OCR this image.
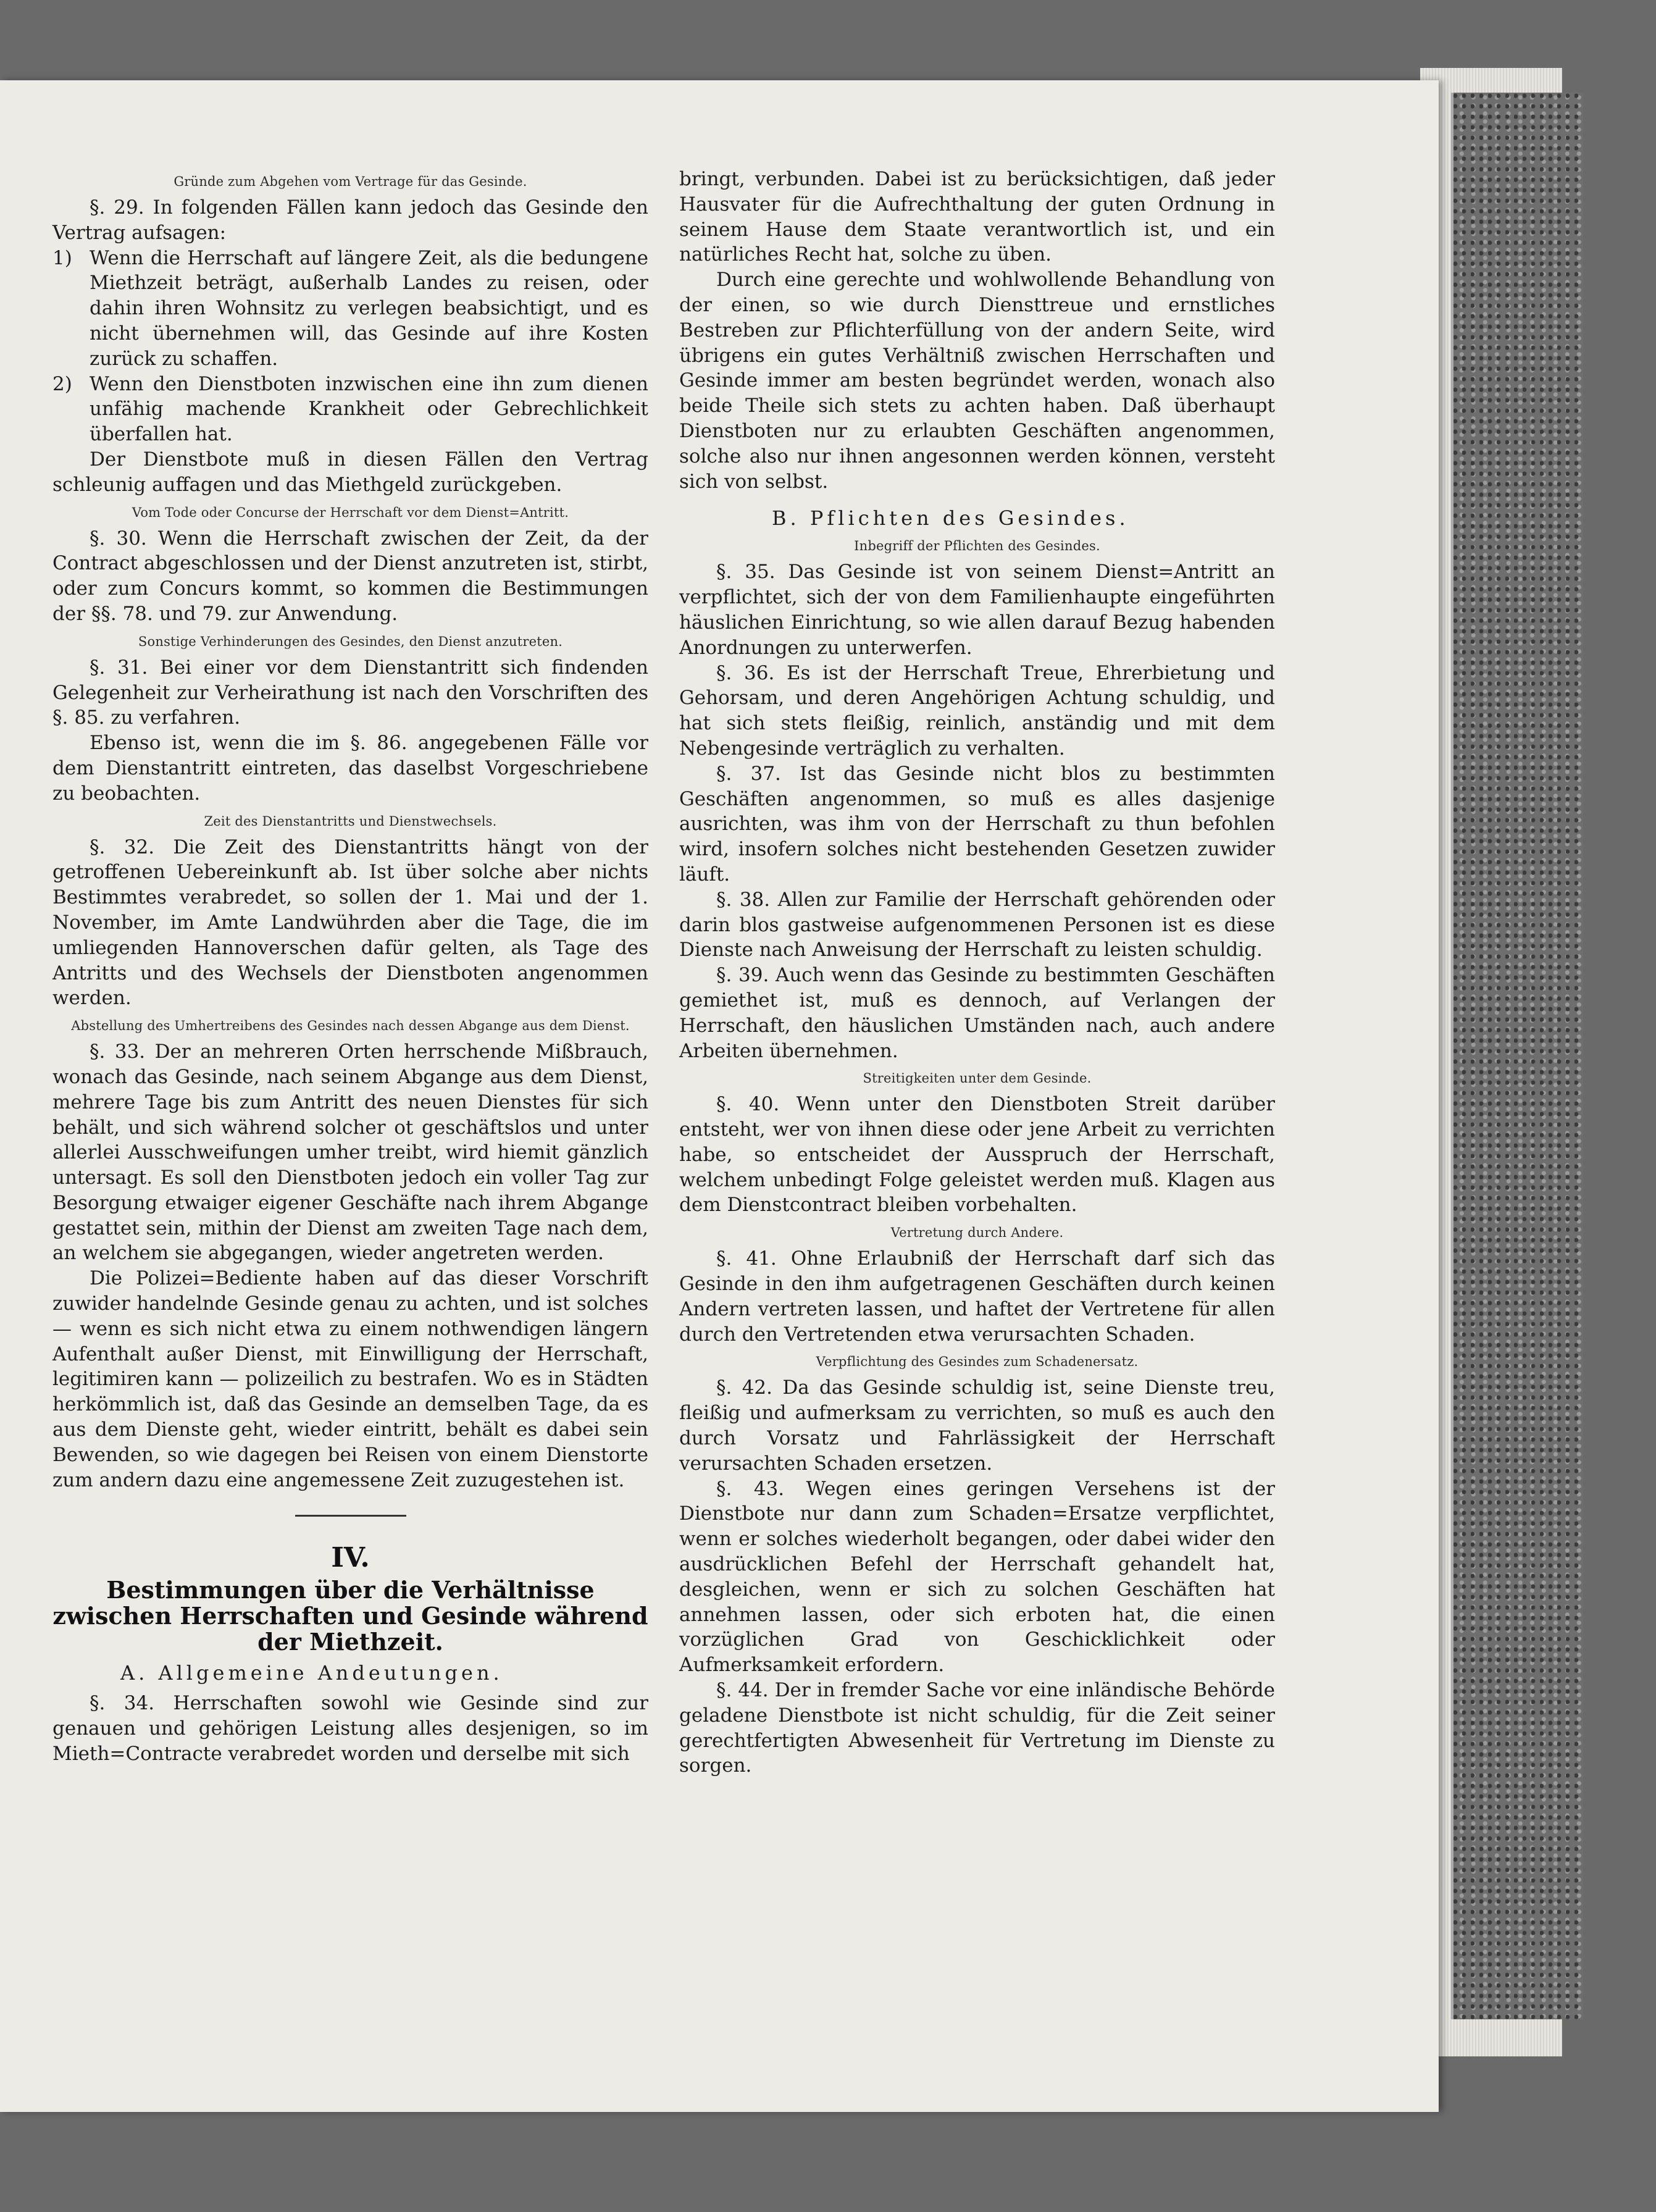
Gründe zum Abgehen vom Vertrage für das Gesinde.

§. 29. In folgenden Fällen kann jedoch das Gesinde den Vertrag aufsagen:

1) Wenn die Herrschaft auf längere Zeit, als die bedungene Miethzeit beträgt, außerhalb Landes zu reisen, oder dahin ihren Wohnsitz zu verlegen beabsichtigt, und es nicht übernehmen will, das Gesinde auf ihre Kosten zurück zu schaffen.

2) Wenn den Dienstboten inzwischen eine ihn zum dienen unfähig machende Krankheit oder Gebrechlichkeit überfallen hat.

Der Dienstbote muß in diesen Fällen den Vertrag schleunig auffagen und das Miethgeld zurückgeben.

Vom Tode oder Concurse der Herrschaft vor dem Dienst=Antritt.

§. 30. Wenn die Herrschaft zwischen der Zeit, da der Contract abgeschlossen und der Dienst anzutreten ist, stirbt, oder zum Concurs kommt, so kommen die Bestimmungen der §§. 78. und 79. zur Anwendung.

Sonstige Verhinderungen des Gesindes, den Dienst anzutreten.

§. 31. Bei einer vor dem Dienstantritt sich findenden Gelegenheit zur Verheirathung ist nach den Vorschriften des §. 85. zu verfahren.

Ebenso ist, wenn die im §. 86. angegebenen Fälle vor dem Dienstantritt eintreten, das daselbst Vorgeschriebene zu beobachten.

Zeit des Dienstantritts und Dienstwechsels.

§. 32. Die Zeit des Dienstantritts hängt von der getroffenen Uebereinkunft ab. Ist über solche aber nichts Bestimmtes verabredet, so sollen der 1. Mai und der 1. November, im Amte Landwührden aber die Tage, die im umliegenden Hannoverschen dafür gelten, als Tage des Antritts und des Wechsels der Dienstboten angenommen werden.

Abstellung des Umhertreibens des Gesindes nach dessen Abgange aus dem Dienst.

§. 33. Der an mehreren Orten herrschende Mißbrauch, wonach das Gesinde, nach seinem Abgange aus dem Dienst, mehrere Tage bis zum Antritt des neuen Dienstes für sich behält, und sich während solcher ot geschäftslos und unter allerlei Ausschweifungen umher treibt, wird hiemit gänzlich untersagt. Es soll den Dienstboten jedoch ein voller Tag zur Besorgung etwaiger eigener Geschäfte nach ihrem Abgange gestattet sein, mithin der Dienst am zweiten Tage nach dem, an welchem sie abgegangen, wieder angetreten werden.

Die Polizei=Bediente haben auf das dieser Vorschrift zuwider handelnde Gesinde genau zu achten, und ist solches — wenn es sich nicht etwa zu einem nothwendigen längern Aufenthalt außer Dienst, mit Einwilligung der Herrschaft, legitimiren kann — polizeilich zu bestrafen. Wo es in Städten herkömmlich ist, daß das Gesinde an demselben Tage, da es aus dem Dienste geht, wieder eintritt, behält es dabei sein Bewenden, so wie dagegen bei Reisen von einem Dienstorte zum andern dazu eine angemessene Zeit zuzugestehen ist.

IV.
Bestimmungen über die Verhältnisse zwischen Herrschaften und Gesinde während der Miethzeit.
A. Allgemeine Andeutungen.

§. 34. Herrschaften sowohl wie Gesinde sind zur genauen und gehörigen Leistung alles desjenigen, so im Mieth=Contracte verabredet worden und derselbe mit sich

bringt, verbunden. Dabei ist zu berücksichtigen, daß jeder Hausvater für die Aufrechthaltung der guten Ordnung in seinem Hause dem Staate verantwortlich ist, und ein natürliches Recht hat, solche zu üben.

Durch eine gerechte und wohlwollende Behandlung von der einen, so wie durch Diensttreue und ernstliches Bestreben zur Pflichterfüllung von der andern Seite, wird übrigens ein gutes Verhältniß zwischen Herrschaften und Gesinde immer am besten begründet werden, wonach also beide Theile sich stets zu achten haben. Daß überhaupt Dienstboten nur zu erlaubten Geschäften angenommen, solche also nur ihnen angesonnen werden können, versteht sich von selbst.

B. Pflichten des Gesindes.
Inbegriff der Pflichten des Gesindes.

§. 35. Das Gesinde ist von seinem Dienst=Antritt an verpflichtet, sich der von dem Familienhaupte eingeführten häuslichen Einrichtung, so wie allen darauf Bezug habenden Anordnungen zu unterwerfen.

§. 36. Es ist der Herrschaft Treue, Ehrerbietung und Gehorsam, und deren Angehörigen Achtung schuldig, und hat sich stets fleißig, reinlich, anständig und mit dem Nebengesinde verträglich zu verhalten.

§. 37. Ist das Gesinde nicht blos zu bestimmten Geschäften angenommen, so muß es alles dasjenige ausrichten, was ihm von der Herrschaft zu thun befohlen wird, insofern solches nicht bestehenden Gesetzen zuwider läuft.

§. 38. Allen zur Familie der Herrschaft gehörenden oder darin blos gastweise aufgenommenen Personen ist es diese Dienste nach Anweisung der Herrschaft zu leisten schuldig.

§. 39. Auch wenn das Gesinde zu bestimmten Geschäften gemiethet ist, muß es dennoch, auf Verlangen der Herrschaft, den häuslichen Umständen nach, auch andere Arbeiten übernehmen.

Streitigkeiten unter dem Gesinde.

§. 40. Wenn unter den Dienstboten Streit darüber entsteht, wer von ihnen diese oder jene Arbeit zu verrichten habe, so entscheidet der Ausspruch der Herrschaft, welchem unbedingt Folge geleistet werden muß. Klagen aus dem Dienstcontract bleiben vorbehalten.

Vertretung durch Andere.

§. 41. Ohne Erlaubniß der Herrschaft darf sich das Gesinde in den ihm aufgetragenen Geschäften durch keinen Andern vertreten lassen, und haftet der Vertretene für allen durch den Vertretenden etwa verursachten Schaden.

Verpflichtung des Gesindes zum Schadenersatz.

§. 42. Da das Gesinde schuldig ist, seine Dienste treu, fleißig und aufmerksam zu verrichten, so muß es auch den durch Vorsatz und Fahrlässigkeit der Herrschaft verursachten Schaden ersetzen.

§. 43. Wegen eines geringen Versehens ist der Dienstbote nur dann zum Schaden=Ersatze verpflichtet, wenn er solches wiederholt begangen, oder dabei wider den ausdrücklichen Befehl der Herrschaft gehandelt hat, desgleichen, wenn er sich zu solchen Geschäften hat annehmen lassen, oder sich erboten hat, die einen vorzüglichen Grad von Geschicklichkeit oder Aufmerksamkeit erfordern.

§. 44. Der in fremder Sache vor eine inländische Behörde geladene Dienstbote ist nicht schuldig, für die Zeit seiner gerechtfertigten Abwesenheit für Vertretung im Dienste zu sorgen.
